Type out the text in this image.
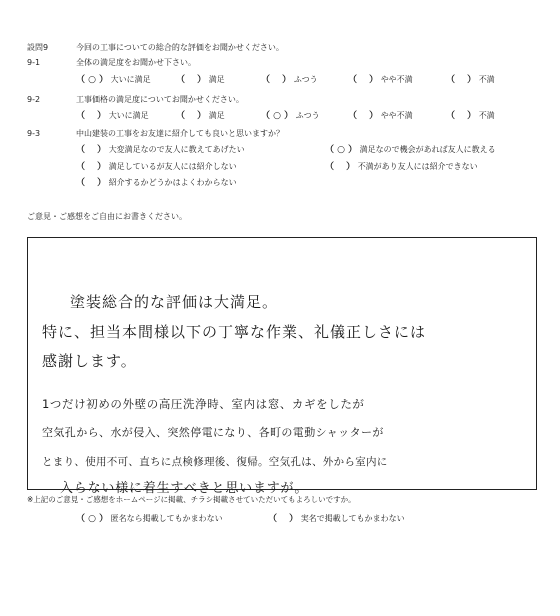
設問9	今回の工事についての総合的な評価をお聞かせください。
9-1	全体の満足度をお聞かせ下さい。
（ ○ ） 大いに満足	（　 ） 満足	（　 ） ふつう	（　 ） やや不満	（　 ） 不満
9-2	工事価格の満足度についてお聞かせください。
（　 ） 大いに満足	（　 ） 満足	（ ○ ） ふつう	（　 ） やや不満	（　 ） 不満
9-3	中山建装の工事をお友達に紹介しても良いと思いますか？
（　 ） 大変満足なので友人に教えてあげたい	（ ○ ） 満足なので機会があれば友人に教える
（　 ） 満足しているが友人には紹介しない	（　 ） 不満があり友人には紹介できない
（　 ） 紹介するかどうかはよくわからない
ご意見・ご感想をご自由にお書きください。
塗装総合的な評価は大満足。
特に、担当本間様以下の丁寧な作業、礼儀正しさには
感謝します。
1つだけ初めの外壁の高圧洗浄時、室内は窓、カギをしたが
空気孔から、水が侵入、突然停電になり、各町の電動シャッターが
とまり、使用不可、直ちに点検修理後、復帰。空気孔は、外から室内に
入らない様に着生すべきと思いますが。
※上記のご意見・ご感想をホームページに掲載、チラシ掲載させていただいてもよろしいですか。
（ ○ ） 匿名なら掲載してもかまわない	（　 ） 実名で掲載してもかまわない
